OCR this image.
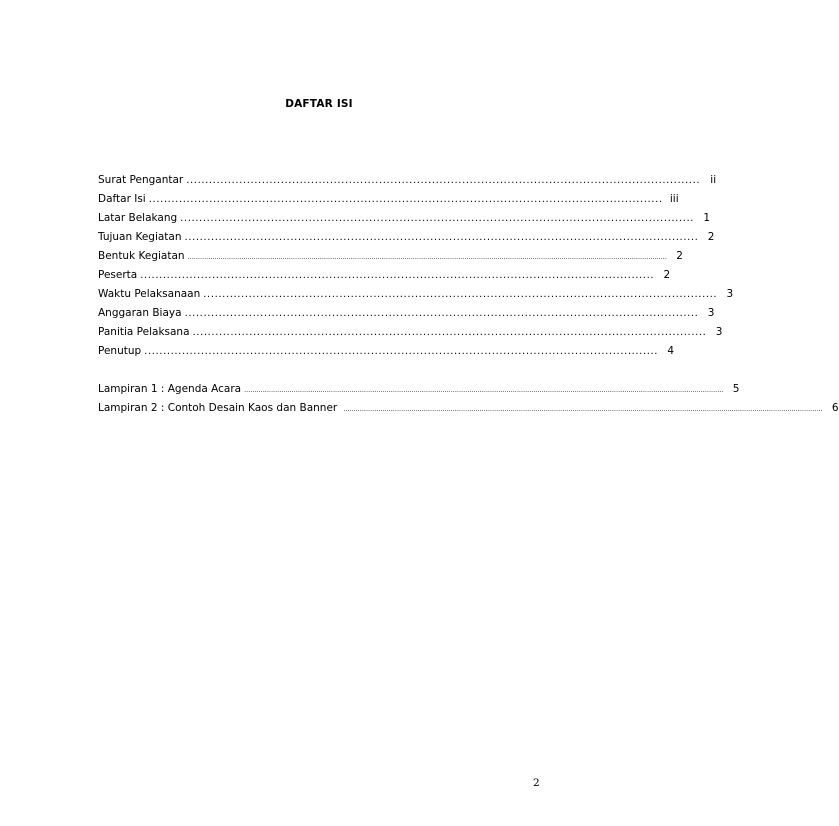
DAFTAR ISI
Surat Pengantar ........................................................................................................................................ ii
Daftar Isi ........................................................................................................................................ iii
Latar Belakang ........................................................................................................................................ 1
Tujuan Kegiatan ........................................................................................................................................ 2
Bentuk Kegiatan ........................................................................................................................................................................................................................................ 2
Peserta ........................................................................................................................................ 2
Waktu Pelaksanaan ........................................................................................................................................ 3
Anggaran Biaya ........................................................................................................................................ 3
Panitia Pelaksana ........................................................................................................................................ 3
Penutup ........................................................................................................................................ 4
Lampiran 1 : Agenda Acara ........................................................................................................................................................................................................................................ 5
Lampiran 2 : Contoh Desain Kaos dan Banner ........................................................................................................................................................................................................................................ 6
2
